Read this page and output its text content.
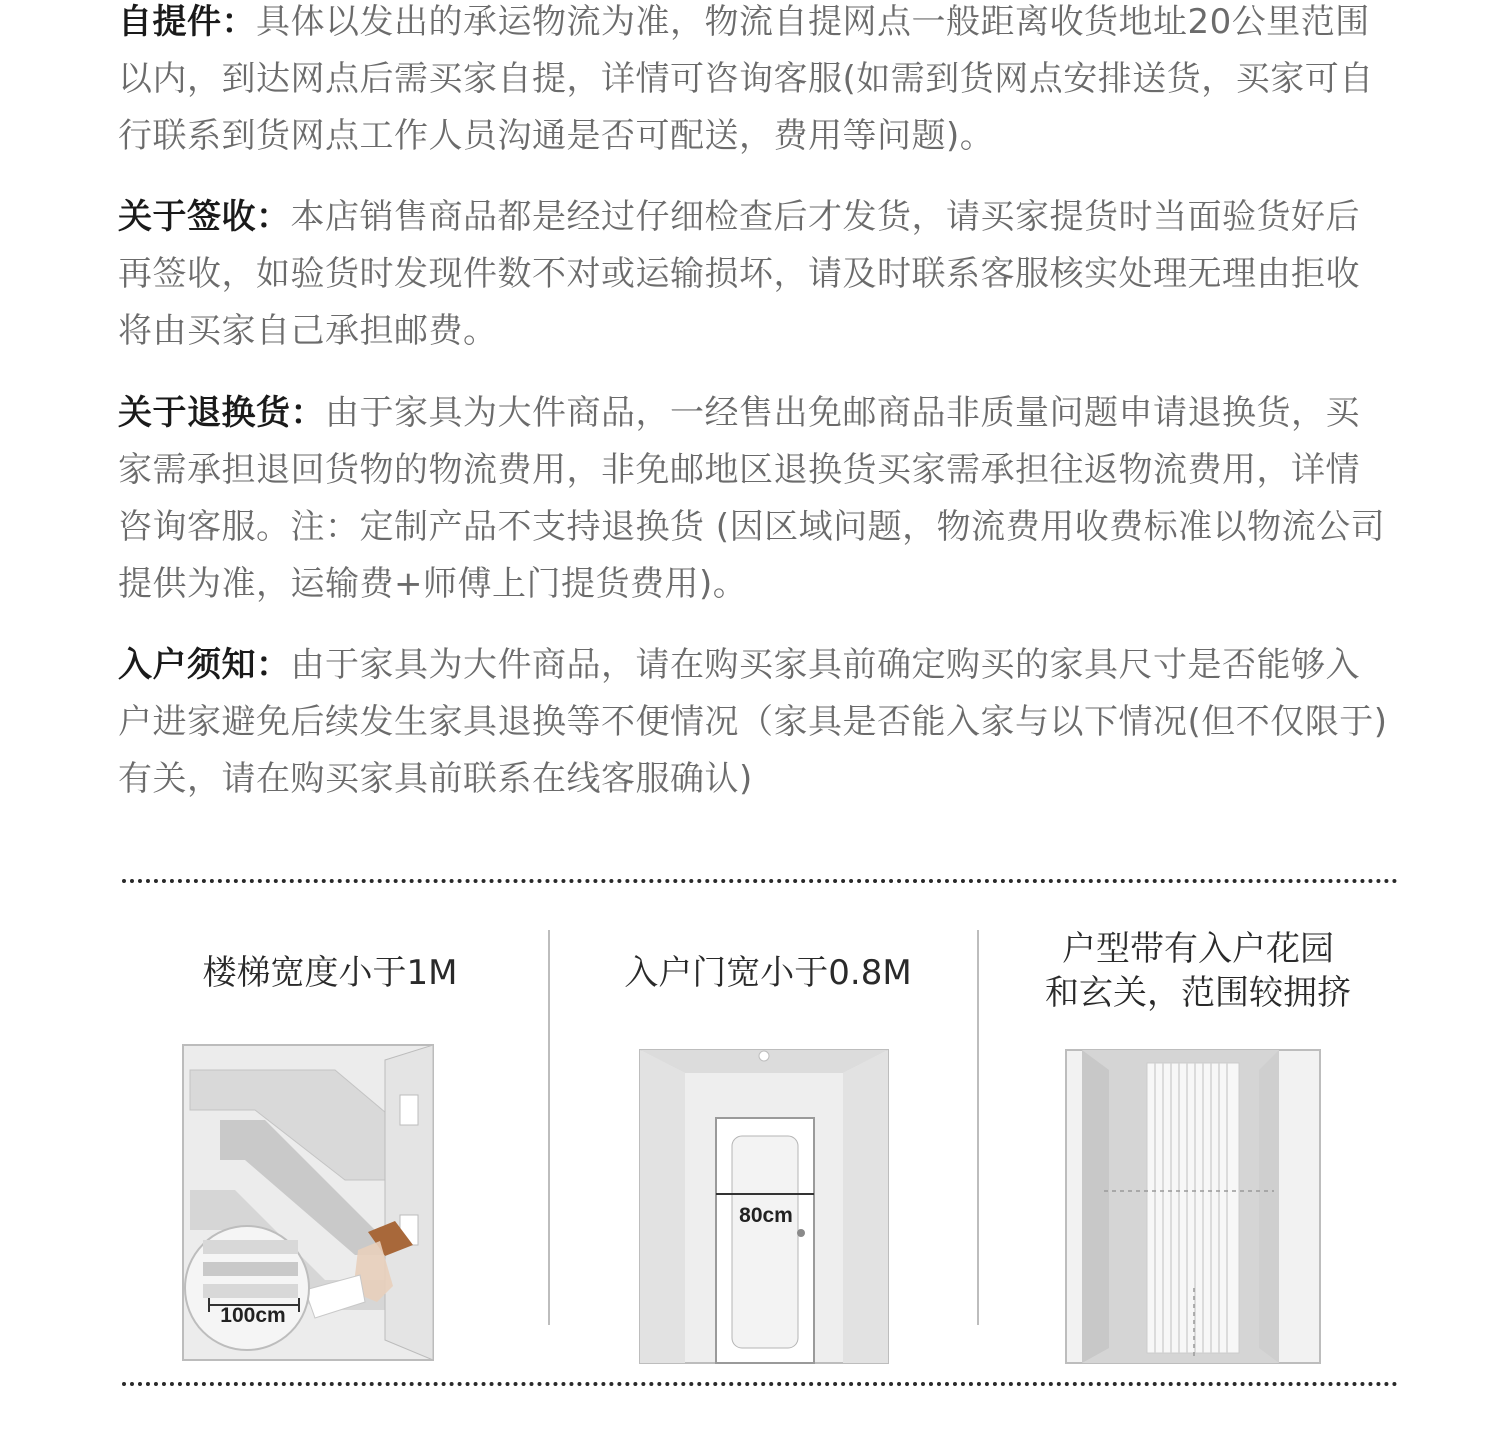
自提件：具体以发出的承运物流为准，物流自提网点一般距离收货地址20公里范围以内，到达网点后需买家自提，详情可咨询客服(如需到货网点安排送货，买家可自行联系到货网点工作人员沟通是否可配送，费用等问题)。

关于签收：本店销售商品都是经过仔细检查后才发货，请买家提货时当面验货好后再签收，如验货时发现件数不对或运输损坏，请及时联系客服核实处理无理由拒收将由买家自己承担邮费。

关于退换货：由于家具为大件商品，一经售出免邮商品非质量问题申请退换货，买家需承担退回货物的物流费用，非免邮地区退换货买家需承担往返物流费用，详情咨询客服。注：定制产品不支持退换货 (因区域问题，物流费用收费标准以物流公司提供为准，运输费+师傅上门提货费用)。

入户须知：由于家具为大件商品，请在购买家具前确定购买的家具尺寸是否能够入户进家避免后续发生家具退换等不便情况（家具是否能入家与以下情况(但不仅限于)有关，请在购买家具前联系在线客服确认)

楼梯宽度小于1M
100cm
入户门宽小于0.8M
80cm
户型带有入户花园
和玄关，范围较拥挤
